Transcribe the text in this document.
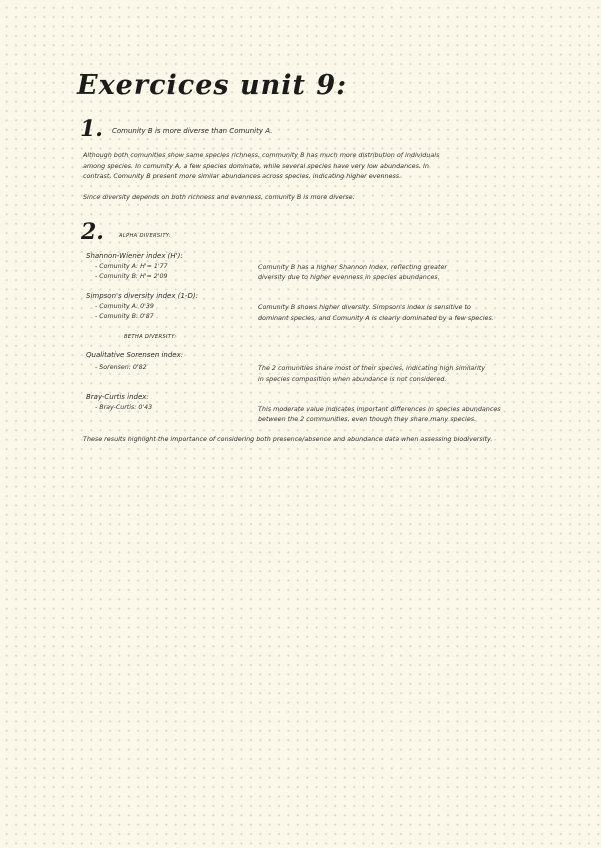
Exercices unit 9:
1. Comunity B is more diverse than Comunity A.
Although both comunities show same species richness, community B has much more distribution of individuals
among species. In comunity A, a few species dominate, while several species have very low abundances. In
contrast, Comunity B present more similar abundances across species, indicating higher evenness.
Since diversity depends on both richness and evenness, comunity B is more diverse.
2.	ALPHA DIVERSITY:
Shannon-Wiener index (H'):
- Comunity A: H'= 1'77
- Comunity B: H'= 2'09
Comunity B has a higher Shannon Index, reflecting greater
diversity due to higher evenness in species abundances.
Simpson's diversity index (1-D):
- Comunity A: 0'39
- Comunity B: 0'87
Comunity B shows higher diversity. Simpson's index is sensitive to
dominant species, and Comunity A is clearly dominated by a few species.
BETHA DIVERSITY:
Qualitative Sorensen index:
- Sorensen: 0'82	The 2 comunities share most of their species, indicating high similarity
in species composition when abundance is not considered.
Bray-Curtis index:
- Bray-Curtis: 0'43	This moderate value indicates important differences in species abundances
between the 2 communities, even though they share many species.
These results highlight the importance of considering both presence/absence and abundance data when assessing biodiversity.
